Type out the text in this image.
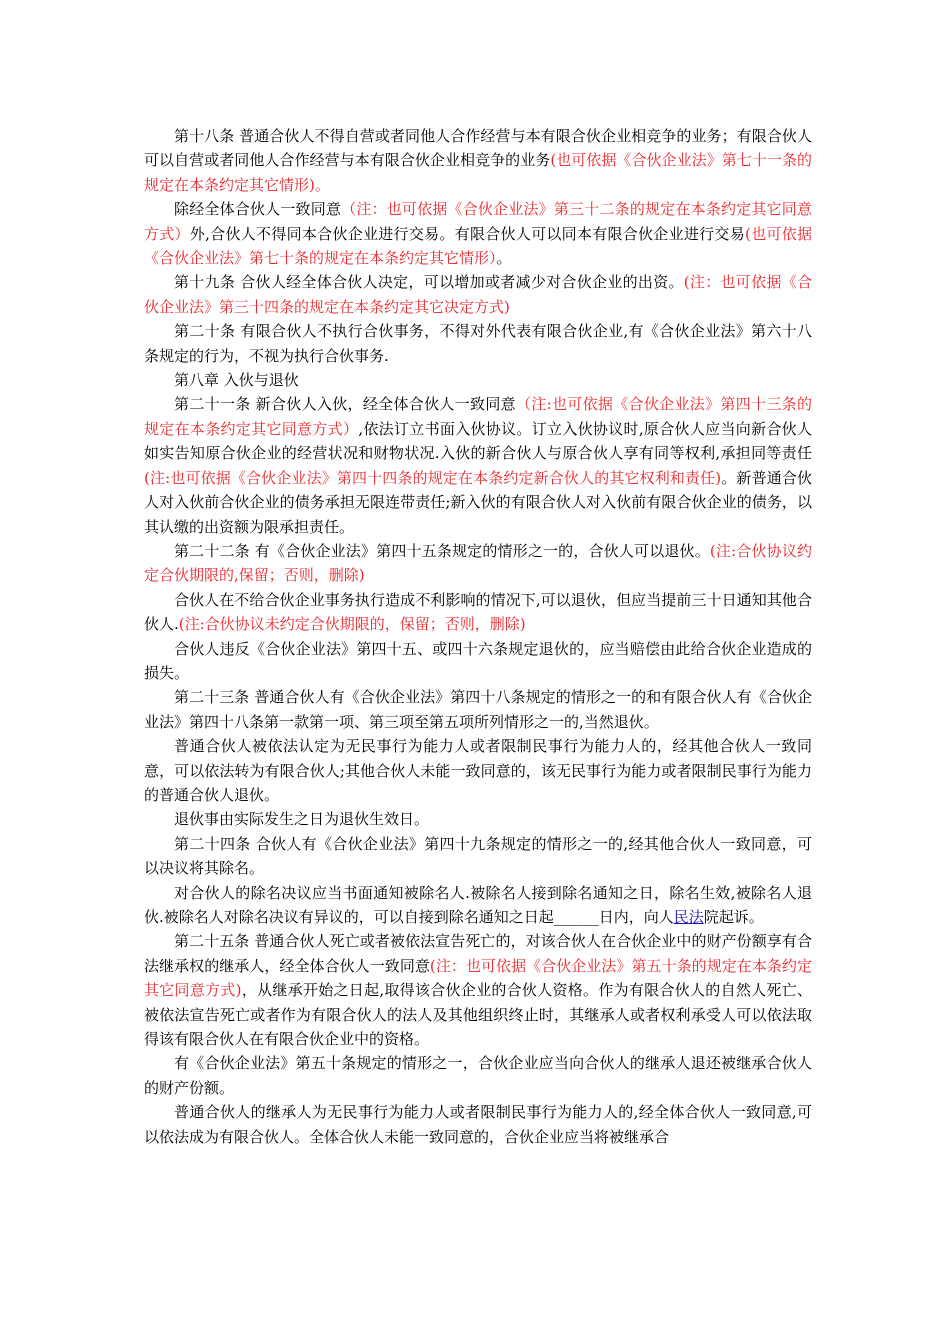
第十八条 普通合伙人不得自营或者同他人合作经营与本有限合伙企业相竞争的业务；有限合伙人可以自营或者同他人合作经营与本有限合伙企业相竞争的业务(也可依据《合伙企业法》第七十一条的规定在本条约定其它情形)。

除经全体合伙人一致同意（注：也可依据《合伙企业法》第三十二条的规定在本条约定其它同意方式）外,合伙人不得同本合伙企业进行交易。有限合伙人可以同本有限合伙企业进行交易(也可依据《合伙企业法》第七十条的规定在本条约定其它情形）。

第十九条 合伙人经全体合伙人决定，可以增加或者减少对合伙企业的出资。(注：也可依据《合伙企业法》第三十四条的规定在本条约定其它决定方式)

第二十条 有限合伙人不执行合伙事务，不得对外代表有限合伙企业,有《合伙企业法》第六十八条规定的行为，不视为执行合伙事务.

第八章 入伙与退伙

第二十一条 新合伙人入伙，经全体合伙人一致同意（注:也可依据《合伙企业法》第四十三条的规定在本条约定其它同意方式）,依法订立书面入伙协议。订立入伙协议时,原合伙人应当向新合伙人如实告知原合伙企业的经营状况和财物状况.入伙的新合伙人与原合伙人享有同等权利,承担同等责任(注:也可依据《合伙企业法》第四十四条的规定在本条约定新合伙人的其它权利和责任)。新普通合伙人对入伙前合伙企业的债务承担无限连带责任;新入伙的有限合伙人对入伙前有限合伙企业的债务，以其认缴的出资额为限承担责任。

第二十二条 有《合伙企业法》第四十五条规定的情形之一的，合伙人可以退伙。(注:合伙协议约定合伙期限的,保留；否则，删除)

合伙人在不给合伙企业事务执行造成不利影响的情况下,可以退伙，但应当提前三十日通知其他合伙人.(注:合伙协议未约定合伙期限的，保留；否则，删除)

合伙人违反《合伙企业法》第四十五、或四十六条规定退伙的，应当赔偿由此给合伙企业造成的损失。

第二十三条 普通合伙人有《合伙企业法》第四十八条规定的情形之一的和有限合伙人有《合伙企业法》第四十八条第一款第一项、第三项至第五项所列情形之一的,当然退伙。

普通合伙人被依法认定为无民事行为能力人或者限制民事行为能力人的，经其他合伙人一致同意，可以依法转为有限合伙人;其他合伙人未能一致同意的，该无民事行为能力或者限制民事行为能力的普通合伙人退伙。

退伙事由实际发生之日为退伙生效日。

第二十四条 合伙人有《合伙企业法》第四十九条规定的情形之一的,经其他合伙人一致同意，可以决议将其除名。

对合伙人的除名决议应当书面通知被除名人.被除名人接到除名通知之日，除名生效,被除名人退伙.被除名人对除名决议有异议的，可以自接到除名通知之日起______日内，向人民法院起诉。

第二十五条 普通合伙人死亡或者被依法宣告死亡的，对该合伙人在合伙企业中的财产份额享有合法继承权的继承人，经全体合伙人一致同意(注：也可依据《合伙企业法》第五十条的规定在本条约定其它同意方式)，从继承开始之日起,取得该合伙企业的合伙人资格。作为有限合伙人的自然人死亡、被依法宣告死亡或者作为有限合伙人的法人及其他组织终止时，其继承人或者权利承受人可以依法取得该有限合伙人在有限合伙企业中的资格。

有《合伙企业法》第五十条规定的情形之一，合伙企业应当向合伙人的继承人退还被继承合伙人的财产份额。

普通合伙人的继承人为无民事行为能力人或者限制民事行为能力人的,经全体合伙人一致同意,可以依法成为有限合伙人。全体合伙人未能一致同意的，合伙企业应当将被继承合
